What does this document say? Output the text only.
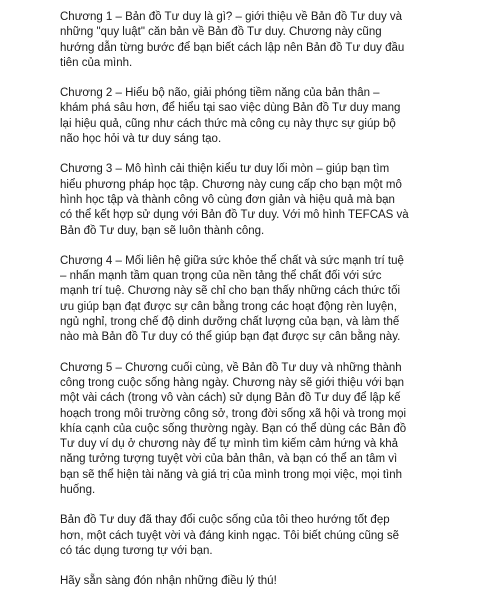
Chương 1 – Bản đồ Tư duy là gì? – giới thiệu về Bản đồ Tư duy và
những "quy luật" căn bản về Bản đồ Tư duy. Chương này cũng
hướng dẫn từng bước để bạn biết cách lập nên Bản đồ Tư duy đầu
tiên của mình.

Chương 2 – Hiểu bộ não, giải phóng tiềm năng của bản thân –
khám phá sâu hơn, để hiểu tại sao việc dùng Bản đồ Tư duy mang
lại hiệu quả, cũng như cách thức mà công cụ này thực sự giúp bộ
não học hỏi và tư duy sáng tạo.

Chương 3 – Mô hình cải thiện kiểu tư duy lối mòn – giúp bạn tìm
hiểu phương pháp học tập. Chương này cung cấp cho bạn một mô
hình học tập và thành công vô cùng đơn giản và hiệu quả mà bạn
có thể kết hợp sử dụng với Bản đồ Tư duy. Với mô hình TEFCAS và
Bản đồ Tư duy, bạn sẽ luôn thành công.

Chương 4 – Mối liên hệ giữa sức khỏe thể chất và sức mạnh trí tuệ
– nhấn mạnh tầm quan trọng của nền tảng thể chất đối với sức
mạnh trí tuệ. Chương này sẽ chỉ cho bạn thấy những cách thức tối
ưu giúp bạn đạt được sự cân bằng trong các hoạt động rèn luyện,
ngủ nghỉ, trong chế độ dinh dưỡng chất lượng của bạn, và làm thế
nào mà Bản đồ Tư duy có thể giúp bạn đạt được sự cân bằng này.

Chương 5 – Chương cuối cùng, về Bản đồ Tư duy và những thành
công trong cuộc sống hàng ngày. Chương này sẽ giới thiệu với bạn
một vài cách (trong vô vàn cách) sử dụng Bản đồ Tư duy để lập kế
hoạch trong môi trường công sở, trong đời sống xã hội và trong mọi
khía cạnh của cuộc sống thường ngày. Bạn có thể dùng các Bản đồ
Tư duy ví dụ ở chương này để tự mình tìm kiếm cảm hứng và khả
năng tưởng tượng tuyệt vời của bản thân, và bạn có thể an tâm vì
bạn sẽ thể hiện tài năng và giá trị của mình trong mọi việc, mọi tình
huống.

Bản đồ Tư duy đã thay đổi cuộc sống của tôi theo hướng tốt đẹp
hơn, một cách tuyệt vời và đáng kinh ngạc. Tôi biết chúng cũng sẽ
có tác dụng tương tự với bạn.

Hãy sẵn sàng đón nhận những điều lý thú!
